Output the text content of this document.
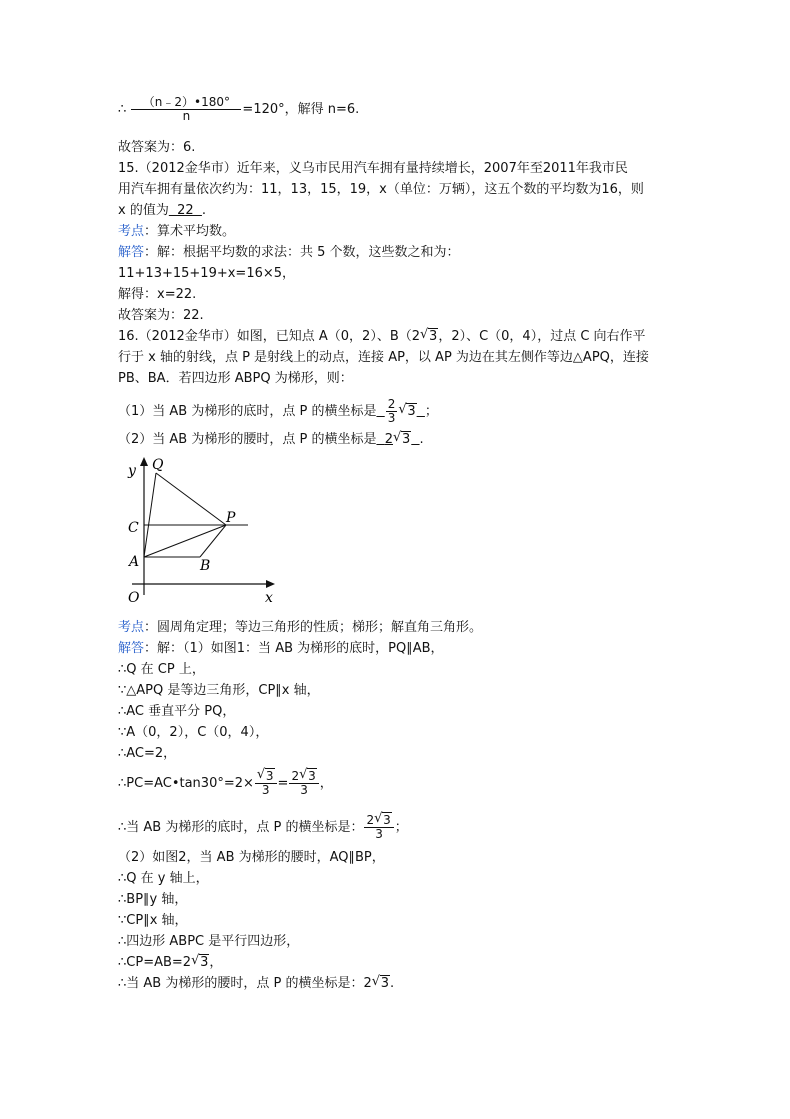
∴ $\frac{(n﹣2)•180^\circ}{n} =120^\circ$，解得 n=6.
故答案为：6.
15.（2012金华市）近年来，义乌市民用汽车拥有量持续增长，2007年至2011年我市民
用汽车拥有量依次约为：11，13，15，19，x（单位：万辆），这五个数的平均数为16，则
x 的值为  22  .
考点：算术平均数。
解答：解：根据平均数的求法：共 5 个数，这些数之和为：
11+13+15+19+x=16×5，
解得：x=22.
故答案为：22.
16.（2012金华市）如图，已知点 A（0，2）、B（2 √ 3，2）、C（0，4），过点 C 向右作平
行于 x 轴的射线，点 P 是射线上的动点，连接 AP，以 AP 为边在其左侧作等边△APQ，连接
PB、BA．若四边形 ABPQ 为梯形，则：
（1）当 AB 为梯形的底时，点 P 的横坐标是 $\frac{2}{3}$ √ 3 ；
（2）当 AB 为梯形的腰时，点 P 的横坐标是 2 √ 3 .
y
x
O
A	B
C
P
Q
考点：圆周角定理；等边三角形的性质；梯形；解直角三角形。
解答：解：（1）如图1：当 AB 为梯形的底时，PQ∥AB，
∴Q 在 CP 上，
∵△APQ 是等边三角形，CP∥x 轴，
∴AC 垂直平分 PQ，
∵A（0，2），C（0，4），
∴AC=2，
∴PC=AC•tan30°=2× $\frac{√ 3}{3} = \frac{2 √ 3}{3}$ ，
∴当 AB 为梯形的底时，点 P 的横坐标是： $\frac{2 √ 3}{3}$ ；
（2）如图2，当 AB 为梯形的腰时，AQ∥BP，
∴Q 在 y 轴上，
∴BP∥y 轴，
∵CP∥x 轴，
∴四边形 ABPC 是平行四边形，
∴CP=AB=2 √ 3，
∴当 AB 为梯形的腰时，点 P 的横坐标是：2 √ 3.
